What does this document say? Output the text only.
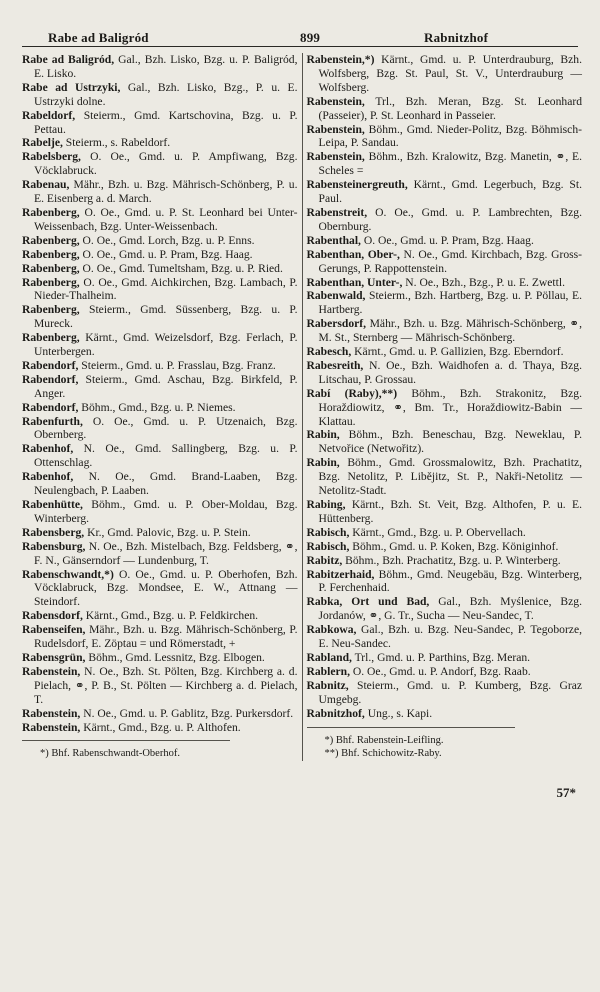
Rabe ad Baligród	899	Rabnitzhof
Rabe ad Baligród, Gal., Bzh. Lisko, Bzg. u. P. Baligród, E. Lisko.
Rabe ad Ustrzyki, Gal., Bzh. Lisko, Bzg., P. u. E. Ustrzyki dolne.
Rabeldorf, Steierm., Gmd. Kartschovina, Bzg. u. P. Pettau.
Rabelje, Steierm., s. Rabeldorf.
Rabelsberg, O. Oe., Gmd. u. P. Ampfiwang, Bzg. Vöcklabruck.
Rabenau, Mähr., Bzh. u. Bzg. Mährisch-Schönberg, P. u. E. Eisenberg a. d. March.
Rabenberg, O. Oe., Gmd. u. P. St. Leonhard bei Unter-Weissenbach, Bzg. Unter-Weissenbach.
Rabenberg, O. Oe., Gmd. Lorch, Bzg. u. P. Enns.
Rabenberg, O. Oe., Gmd. u. P. Pram, Bzg. Haag.
Rabenberg, O. Oe., Gmd. Tumeltsham, Bzg. u. P. Ried.
Rabenberg, O. Oe., Gmd. Aichkirchen, Bzg. Lambach, P. Nieder-Thalheim.
Rabenberg, Steierm., Gmd. Süssenberg, Bzg. u. P. Mureck.
Rabenberg, Kärnt., Gmd. Weizelsdorf, Bzg. Ferlach, P. Unterbergen.
Rabendorf, Steierm., Gmd. u. P. Frasslau, Bzg. Franz.
Rabendorf, Steierm., Gmd. Aschau, Bzg. Birkfeld, P. Anger.
Rabendorf, Böhm., Gmd., Bzg. u. P. Niemes.
Rabenfurth, O. Oe., Gmd. u. P. Utzenaich, Bzg. Obernberg.
Rabenhof, N. Oe., Gmd. Sallingberg, Bzg. u. P. Ottenschlag.
Rabenhof, N. Oe., Gmd. Brand-Laaben, Bzg. Neulengbach, P. Laaben.
Rabenhütte, Böhm., Gmd. u. P. Ober-Moldau, Bzg. Winterberg.
Rabensberg, Kr., Gmd. Palovic, Bzg. u. P. Stein.
Rabensburg, N. Oe., Bzh. Mistelbach, Bzg. Feldsberg, ⚭, F. N., Gänserndorf — Lundenburg, T.
Rabenschwandt,*) O. Oe., Gmd. u. P. Oberhofen, Bzh. Vöcklabruck, Bzg. Mondsee, E. W., Attnang — Steindorf.
Rabensdorf, Kärnt., Gmd., Bzg. u. P. Feldkirchen.
Rabenseifen, Mähr., Bzh. u. Bzg. Mährisch-Schönberg, P. Rudelsdorf, E. Zöptau = und Römerstadt, +
Rabensgrün, Böhm., Gmd. Lessnitz, Bzg. Elbogen.
Rabenstein, N. Oe., Bzh. St. Pölten, Bzg. Kirchberg a. d. Pielach, ⚭, P. B., St. Pölten — Kirchberg a. d. Pielach, T.
Rabenstein, N. Oe., Gmd. u. P. Gablitz, Bzg. Purkersdorf.
Rabenstein, Kärnt., Gmd., Bzg. u. P. Althofen.
*) Bhf. Rabenschwandt-Oberhof.
Rabenstein,*) Kärnt., Gmd. u. P. Unterdrauburg, Bzh. Wolfsberg, Bzg. St. Paul, St. V., Unterdrauburg — Wolfsberg.
Rabenstein, Trl., Bzh. Meran, Bzg. St. Leonhard (Passeier), P. St. Leonhard in Passeier.
Rabenstein, Böhm., Gmd. Nieder-Politz, Bzg. Böhmisch-Leipa, P. Sandau.
Rabenstein, Böhm., Bzh. Kralowitz, Bzg. Manetin, ⚭, E. Scheles =
Rabensteinergreuth, Kärnt., Gmd. Legerbuch, Bzg. St. Paul.
Rabenstreit, O. Oe., Gmd. u. P. Lambrechten, Bzg. Obernburg.
Rabenthal, O. Oe., Gmd. u. P. Pram, Bzg. Haag.
Rabenthan, Ober-, N. Oe., Gmd. Kirchbach, Bzg. Gross-Gerungs, P. Rappottenstein.
Rabenthan, Unter-, N. Oe., Bzh., Bzg., P. u. E. Zwettl.
Rabenwald, Steierm., Bzh. Hartberg, Bzg. u. P. Pöllau, E. Hartberg.
Rabersdorf, Mähr., Bzh. u. Bzg. Mährisch-Schönberg, ⚭, M. St., Sternberg — Mährisch-Schönberg.
Rabesch, Kärnt., Gmd. u. P. Gallizien, Bzg. Eberndorf.
Rabesreith, N. Oe., Bzh. Waidhofen a. d. Thaya, Bzg. Litschau, P. Grossau.
Rabí (Raby),**) Böhm., Bzh. Strakonitz, Bzg. Horaždiowitz, ⚭, Bm. Tr., Horaždiowitz-Babin — Klattau.
Rabin, Böhm., Bzh. Beneschau, Bzg. Neweklau, P. Netvořice (Netwořitz).
Rabin, Böhm., Gmd. Grossmalowitz, Bzh. Prachatitz, Bzg. Netolitz, P. Libějitz, St. P., Nakři-Netolitz — Netolitz-Stadt.
Rabing, Kärnt., Bzh. St. Veit, Bzg. Althofen, P. u. E. Hüttenberg.
Rabisch, Kärnt., Gmd., Bzg. u. P. Obervellach.
Rabisch, Böhm., Gmd. u. P. Koken, Bzg. Königinhof.
Rabitz, Böhm., Bzh. Prachatitz, Bzg. u. P. Winterberg.
Rabitzerhaid, Böhm., Gmd. Neugebäu, Bzg. Winterberg, P. Ferchenhaid.
Rabka, Ort und Bad, Gal., Bzh. Myślenice, Bzg. Jordanów, ⚭, G. Tr., Sucha — Neu-Sandec, T.
Rabkowa, Gal., Bzh. u. Bzg. Neu-Sandec, P. Tegoborze, E. Neu-Sandec.
Rabland, Trl., Gmd. u. P. Parthins, Bzg. Meran.
Rablern, O. Oe., Gmd. u. P. Andorf, Bzg. Raab.
Rabnitz, Steierm., Gmd. u. P. Kumberg, Bzg. Graz Umgebg.
Rabnitzhof, Ung., s. Kapi.
*) Bhf. Rabenstein-Leifling.
**) Bhf. Schichowitz-Raby.
57*
